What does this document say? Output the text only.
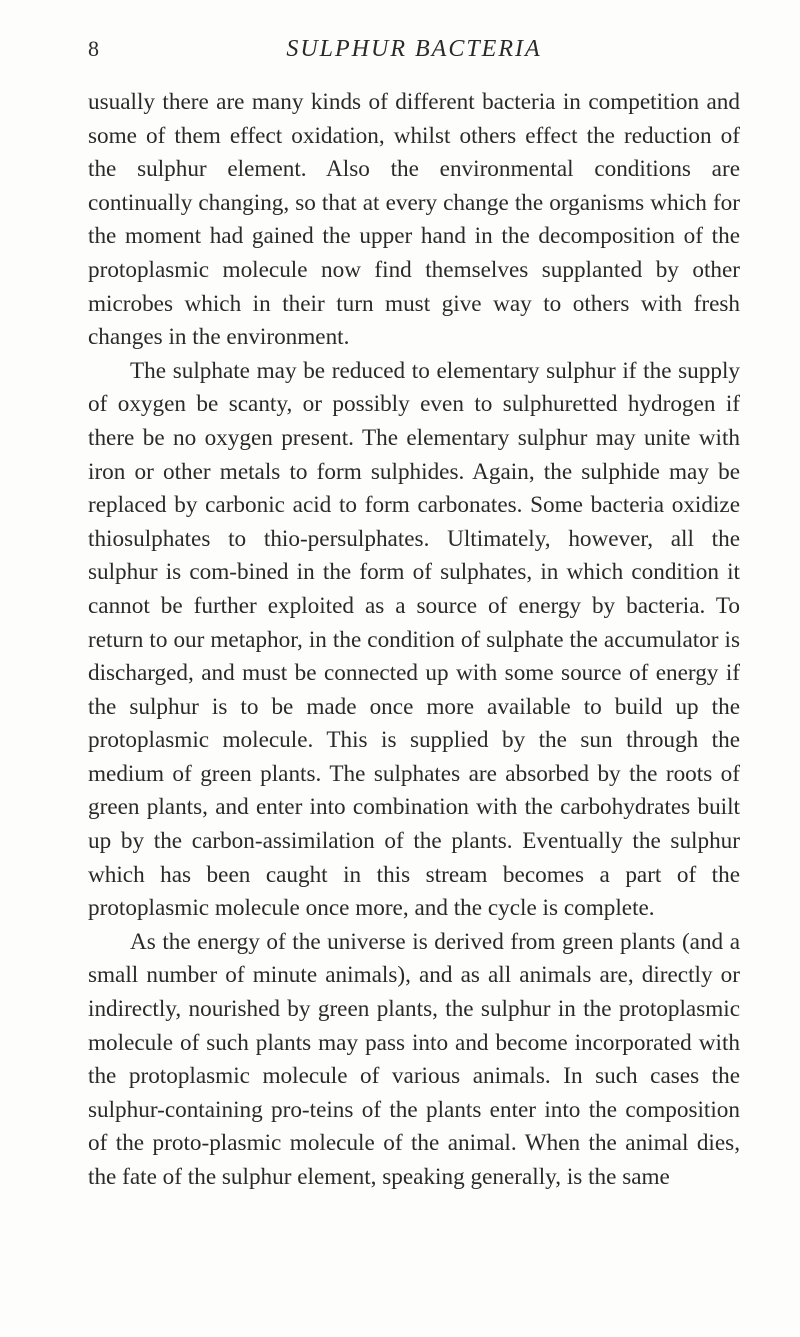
8	SULPHUR BACTERIA

usually there are many kinds of different bacteria in competition and some of them effect oxidation, whilst others effect the reduction of the sulphur element. Also the environmental conditions are continually changing, so that at every change the organisms which for the moment had gained the upper hand in the decomposition of the protoplasmic molecule now find themselves supplanted by other microbes which in their turn must give way to others with fresh changes in the environment.

The sulphate may be reduced to elementary sulphur if the supply of oxygen be scanty, or possibly even to sulphuretted hydrogen if there be no oxygen present. The elementary sulphur may unite with iron or other metals to form sulphides. Again, the sulphide may be replaced by carbonic acid to form carbonates. Some bacteria oxidize thiosulphates to thio-persulphates. Ultimately, however, all the sulphur is com-bined in the form of sulphates, in which condition it cannot be further exploited as a source of energy by bacteria. To return to our metaphor, in the condition of sulphate the accumulator is discharged, and must be connected up with some source of energy if the sulphur is to be made once more available to build up the protoplasmic molecule. This is supplied by the sun through the medium of green plants. The sulphates are absorbed by the roots of green plants, and enter into combination with the carbohydrates built up by the carbon-assimilation of the plants. Eventually the sulphur which has been caught in this stream becomes a part of the protoplasmic molecule once more, and the cycle is complete.

As the energy of the universe is derived from green plants (and a small number of minute animals), and as all animals are, directly or indirectly, nourished by green plants, the sulphur in the protoplasmic molecule of such plants may pass into and become incorporated with the protoplasmic molecule of various animals. In such cases the sulphur-containing pro-teins of the plants enter into the composition of the proto-plasmic molecule of the animal. When the animal dies, the fate of the sulphur element, speaking generally, is the same
